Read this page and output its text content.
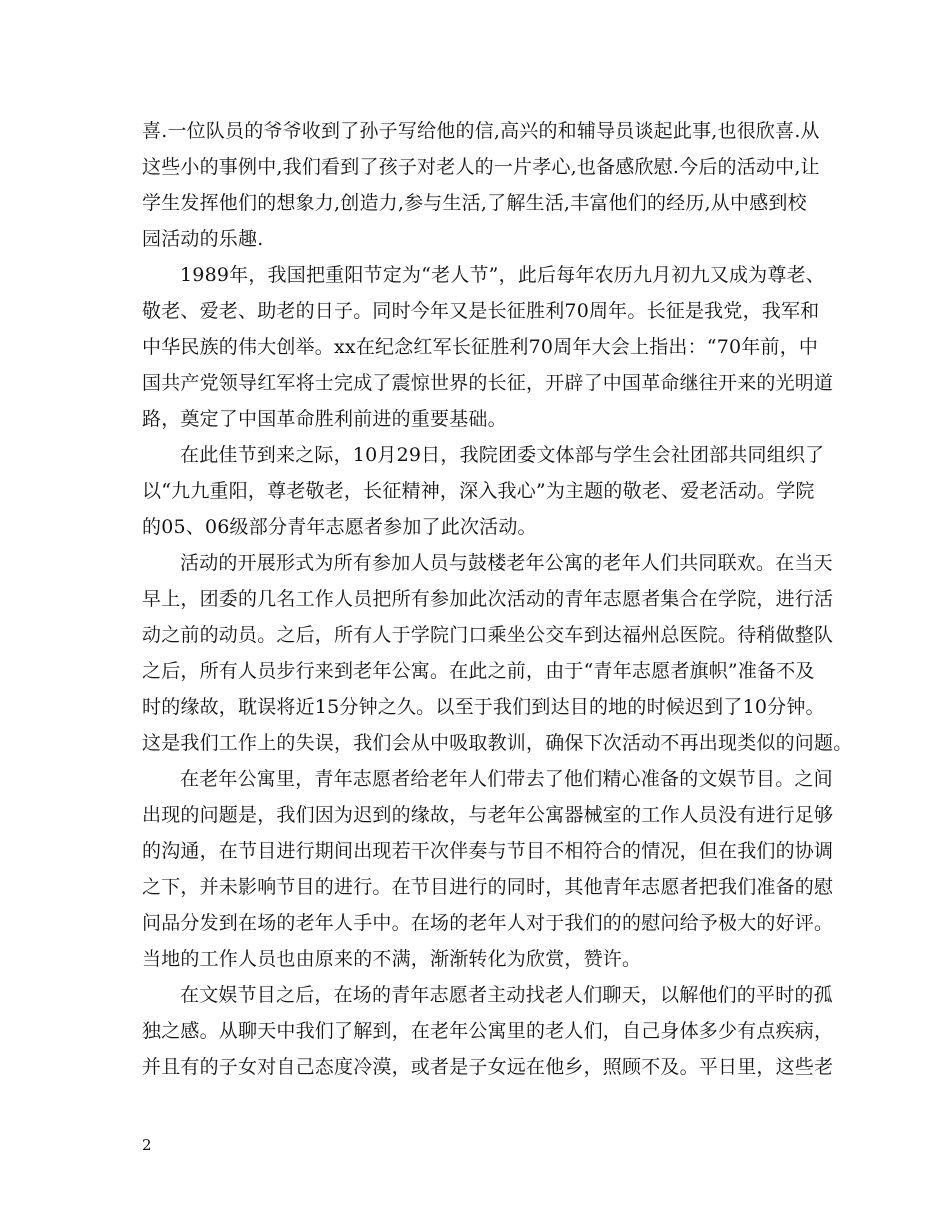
喜.一位队员的爷爷收到了孙子写给他的信,高兴的和辅导员谈起此事,也很欣喜.从
这些小的事例中,我们看到了孩子对老人的一片孝心,也备感欣慰.今后的活动中,让
学生发挥他们的想象力,创造力,参与生活,了解生活,丰富他们的经历,从中感到校
园活动的乐趣.
1989年，我国把重阳节定为“老人节”，此后每年农历九月初九又成为尊老、
敬老、爱老、助老的日子。同时今年又是长征胜利70周年。长征是我党，我军和
中华民族的伟大创举。xx在纪念红军长征胜利70周年大会上指出：“70年前，中
国共产党领导红军将士完成了震惊世界的长征，开辟了中国革命继往开来的光明道
路，奠定了中国革命胜利前进的重要基础。
在此佳节到来之际，10月29日，我院团委文体部与学生会社团部共同组织了
以“九九重阳，尊老敬老，长征精神，深入我心”为主题的敬老、爱老活动。学院
的05、06级部分青年志愿者参加了此次活动。
活动的开展形式为所有参加人员与鼓楼老年公寓的老年人们共同联欢。在当天
早上，团委的几名工作人员把所有参加此次活动的青年志愿者集合在学院，进行活
动之前的动员。之后，所有人于学院门口乘坐公交车到达福州总医院。待稍做整队
之后，所有人员步行来到老年公寓。在此之前，由于“青年志愿者旗帜”准备不及
时的缘故，耽误将近15分钟之久。以至于我们到达目的地的时候迟到了10分钟。
这是我们工作上的失误，我们会从中吸取教训，确保下次活动不再出现类似的问题。
在老年公寓里，青年志愿者给老年人们带去了他们精心准备的文娱节目。之间
出现的问题是，我们因为迟到的缘故，与老年公寓器械室的工作人员没有进行足够
的沟通，在节目进行期间出现若干次伴奏与节目不相符合的情况，但在我们的协调
之下，并未影响节目的进行。在节目进行的同时，其他青年志愿者把我们准备的慰
问品分发到在场的老年人手中。在场的老年人对于我们的的慰问给予极大的好评。
当地的工作人员也由原来的不满，渐渐转化为欣赏，赞许。
在文娱节目之后，在场的青年志愿者主动找老人们聊天，以解他们的平时的孤
独之感。从聊天中我们了解到，在老年公寓里的老人们，自己身体多少有点疾病，
并且有的子女对自己态度冷漠，或者是子女远在他乡，照顾不及。平日里，这些老
2
